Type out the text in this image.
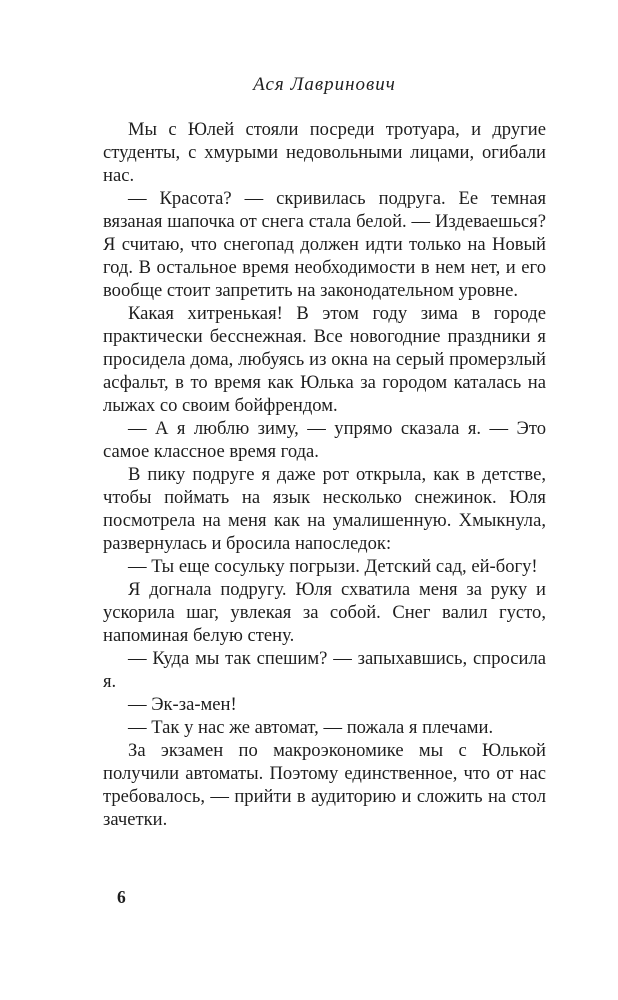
Ася Лавринович

Мы с Юлей стояли посреди тротуара, и другие студенты, с хмурыми недовольными лицами, огибали нас.

— Красота? — скривилась подруга. Ее темная вязаная шапочка от снега стала белой. — Издеваешься? Я считаю, что снегопад должен идти только на Новый год. В остальное время необходимости в нем нет, и его вообще стоит запретить на законодательном уровне.

Какая хитренькая! В этом году зима в городе практически бесснежная. Все новогодние праздники я просидела дома, любуясь из окна на серый промерзлый асфальт, в то время как Юлька за городом каталась на лыжах со своим бойфрендом.

— А я люблю зиму, — упрямо сказала я. — Это самое классное время года.

В пику подруге я даже рот открыла, как в детстве, чтобы поймать на язык несколько снежинок. Юля посмотрела на меня как на умалишенную. Хмыкнула, развернулась и бросила напоследок:

— Ты еще сосульку погрызи. Детский сад, ей-богу!

Я догнала подругу. Юля схватила меня за руку и ускорила шаг, увлекая за собой. Снег валил густо, напоминая белую стену.

— Куда мы так спешим? — запыхавшись, спросила я.

— Эк-за-мен!

— Так у нас же автомат, — пожала я плечами.

За экзамен по макроэкономике мы с Юлькой получили автоматы. Поэтому единственное, что от нас требовалось, — прийти в аудиторию и сложить на стол зачетки.

6
